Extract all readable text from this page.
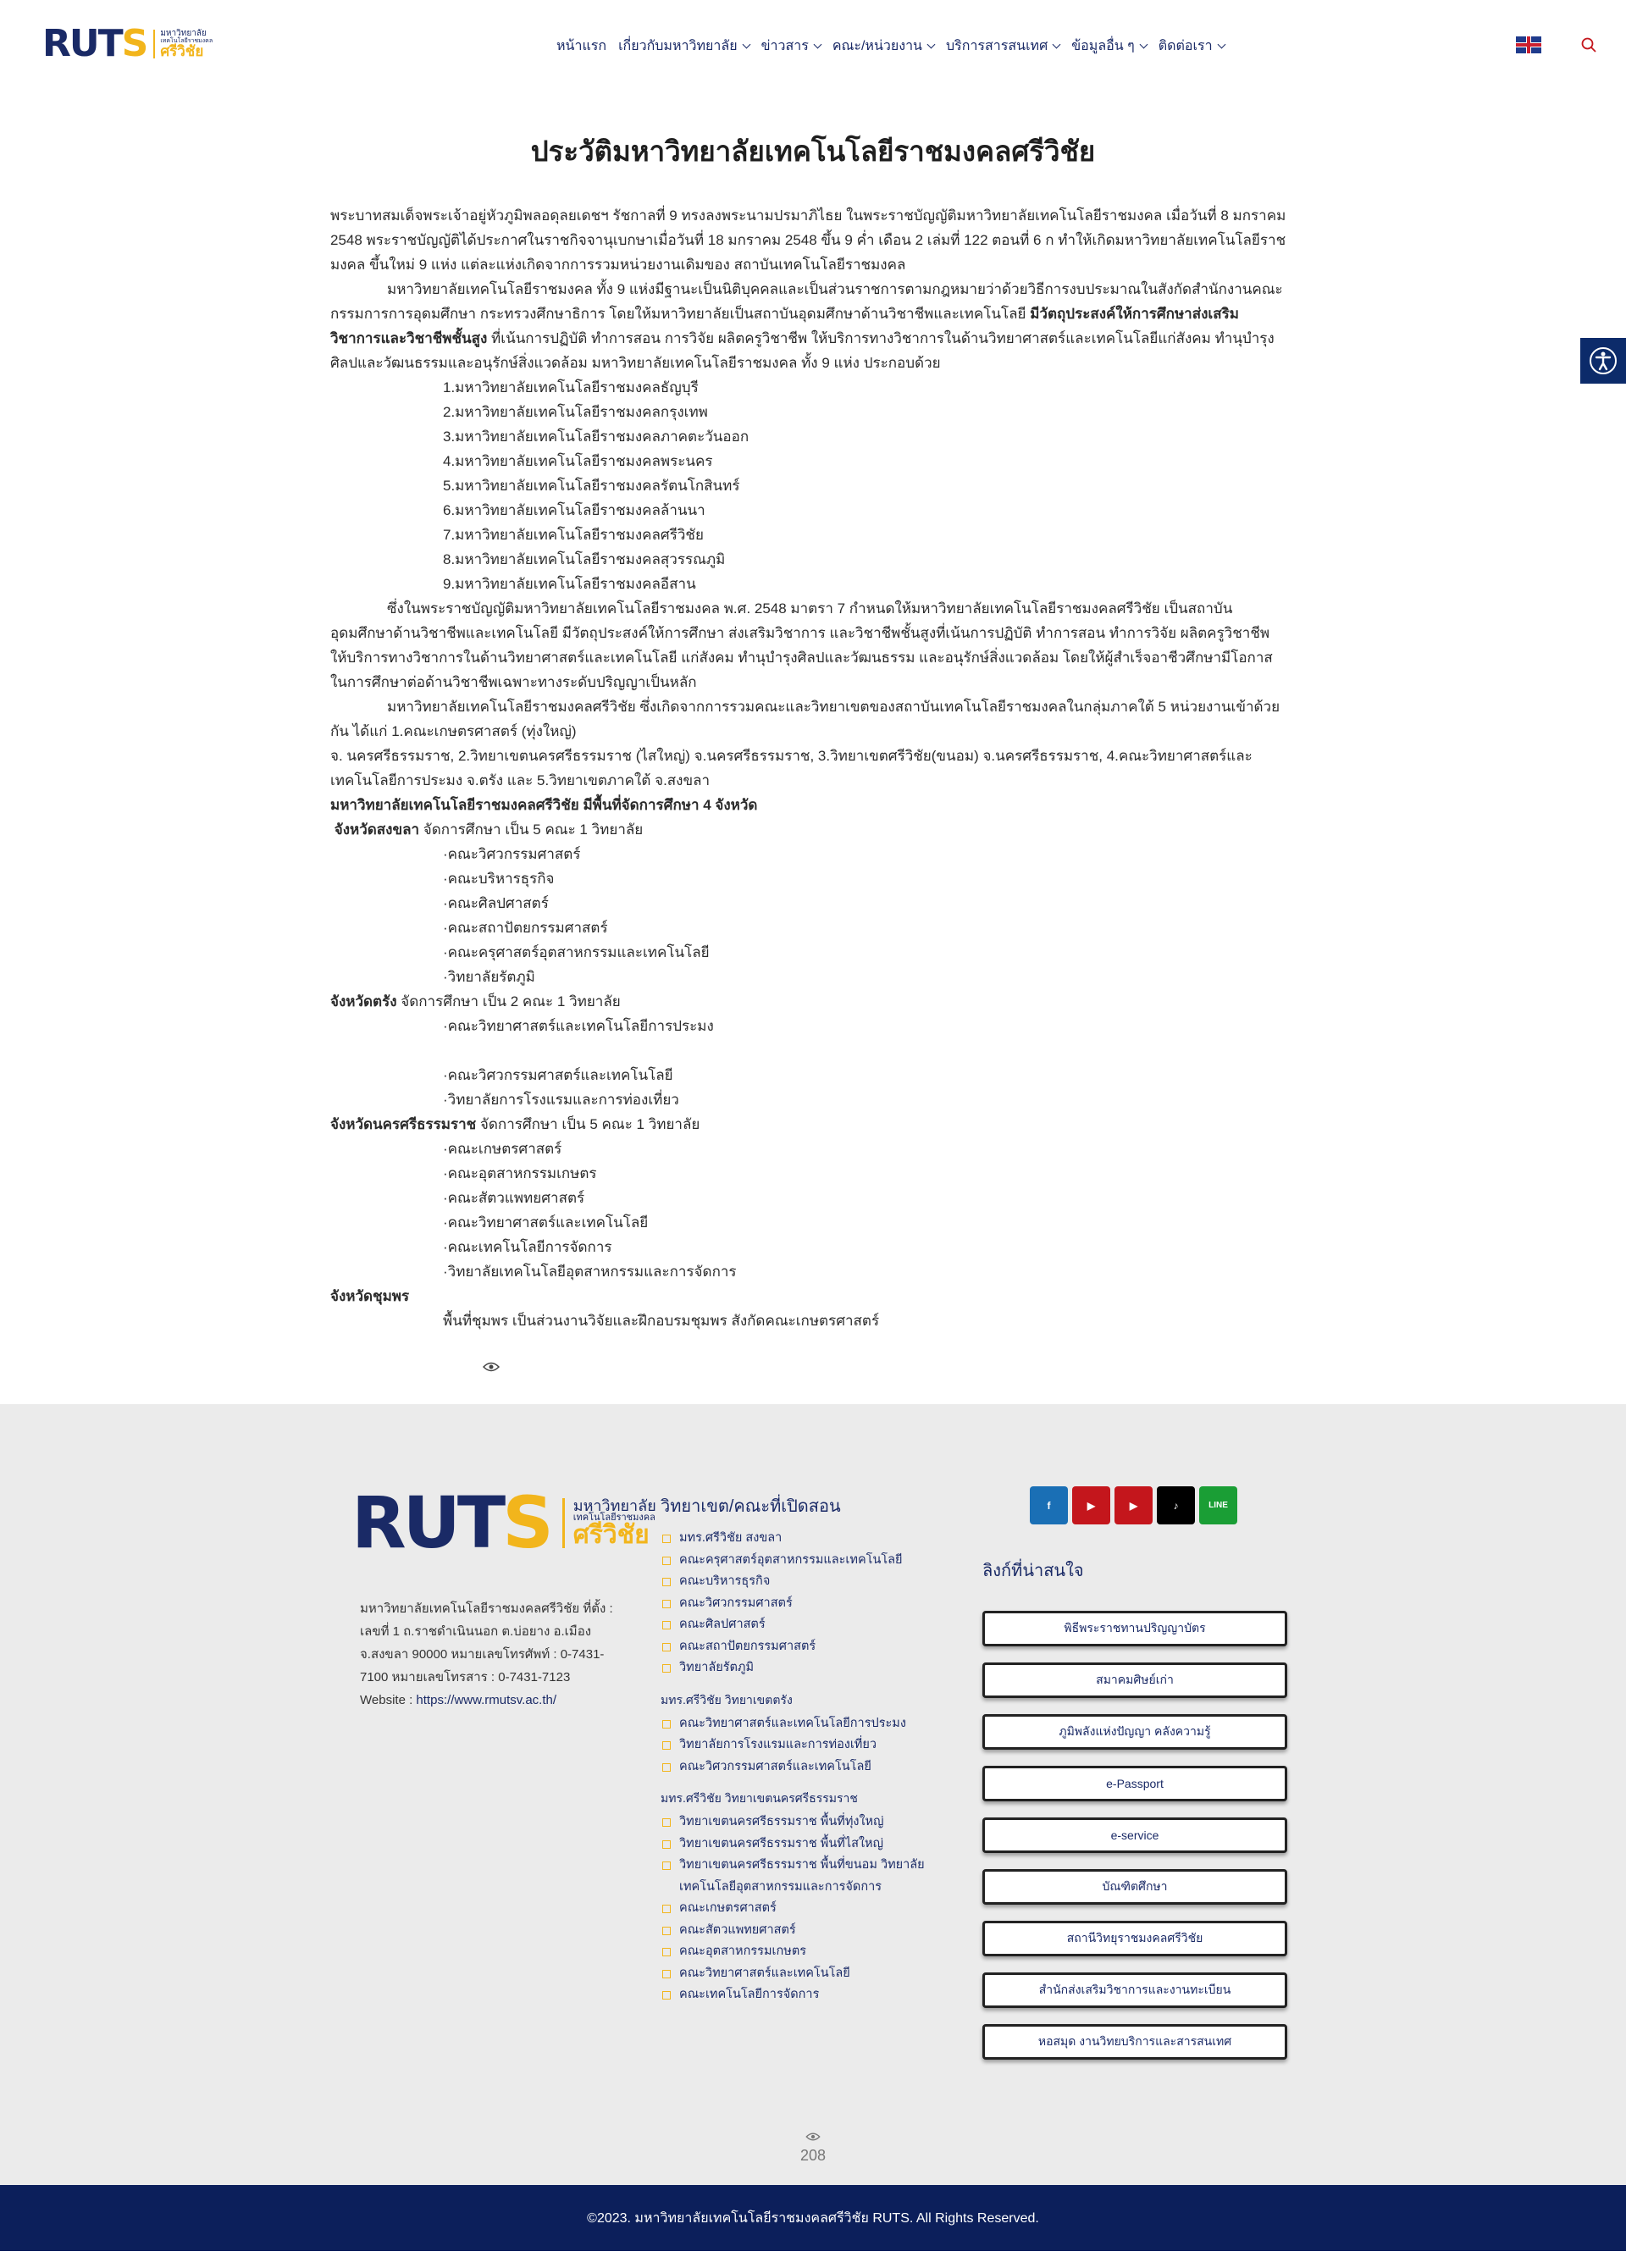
RUTS มหาวิทยาลัย
เทคโนโลยีราชมงคล
ศรีวิชัย	หน้าแรก เกี่ยวกับมหาวิทยาลัย ข่าวสาร คณะ/หน่วยงาน บริการสารสนเทศ ข้อมูลอื่น ๆ ติดต่อเรา
ประวัติมหาวิทยาลัยเทคโนโลยีราชมงคลศรีวิชัย

พระบาทสมเด็จพระเจ้าอยู่หัวภูมิพลอดุลยเดชฯ รัชกาลที่ 9 ทรงลงพระนามปรมาภิไธย ในพระราชบัญญัติมหาวิทยาลัยเทคโนโลยีราชมงคล เมื่อวันที่ 8 มกราคม 2548 พระราชบัญญัติได้ประกาศในราชกิจจานุเบกษาเมื่อวันที่ 18 มกราคม 2548 ขึ้น 9 ค่ำ เดือน 2 เล่มที่ 122 ตอนที่ 6 ก ทำให้เกิดมหาวิทยาลัยเทคโนโลยีราชมงคล ขึ้นใหม่ 9 แห่ง แต่ละแห่งเกิดจากการรวมหน่วยงานเดิมของ สถาบันเทคโนโลยีราชมงคล

มหาวิทยาลัยเทคโนโลยีราชมงคล ทั้ง 9 แห่งมีฐานะเป็นนิติบุคคลและเป็นส่วนราชการตามกฎหมายว่าด้วยวิธีการงบประมาณในสังกัดสำนักงานคณะกรรมการการอุดมศึกษา กระทรวงศึกษาธิการ โดยให้มหาวิทยาลัยเป็นสถาบันอุดมศึกษาด้านวิชาชีพและเทคโนโลยี มีวัตถุประสงค์ให้การศึกษาส่งเสริมวิชาการและวิชาชีพชั้นสูง ที่เน้นการปฏิบัติ ทำการสอน การวิจัย ผลิตครูวิชาชีพ ให้บริการทางวิชาการในด้านวิทยาศาสตร์และเทคโนโลยีแก่สังคม ทำนุบำรุงศิลปและวัฒนธรรมและอนุรักษ์สิ่งแวดล้อม มหาวิทยาลัยเทคโนโลยีราชมงคล ทั้ง 9 แห่ง ประกอบด้วย

1.มหาวิทยาลัยเทคโนโลยีราชมงคลธัญบุรี
2.มหาวิทยาลัยเทคโนโลยีราชมงคลกรุงเทพ
3.มหาวิทยาลัยเทคโนโลยีราชมงคลภาคตะวันออก
4.มหาวิทยาลัยเทคโนโลยีราชมงคลพระนคร
5.มหาวิทยาลัยเทคโนโลยีราชมงคลรัตนโกสินทร์
6.มหาวิทยาลัยเทคโนโลยีราชมงคลล้านนา
7.มหาวิทยาลัยเทคโนโลยีราชมงคลศรีวิชัย
8.มหาวิทยาลัยเทคโนโลยีราชมงคลสุวรรณภูมิ
9.มหาวิทยาลัยเทคโนโลยีราชมงคลอีสาน

ซึ่งในพระราชบัญญัติมหาวิทยาลัยเทคโนโลยีราชมงคล พ.ศ. 2548 มาตรา 7 กำหนดให้มหาวิทยาลัยเทคโนโลยีราชมงคลศรีวิชัย เป็นสถาบันอุดมศึกษาด้านวิชาชีพและเทคโนโลยี มีวัตถุประสงค์ให้การศึกษา ส่งเสริมวิชาการ และวิชาชีพชั้นสูงที่เน้นการปฏิบัติ ทำการสอน ทำการวิจัย ผลิตครูวิชาชีพ ให้บริการทางวิชาการในด้านวิทยาศาสตร์และเทคโนโลยี แก่สังคม ทำนุบำรุงศิลปและวัฒนธรรม และอนุรักษ์สิ่งแวดล้อม โดยให้ผู้สำเร็จอาชีวศึกษามีโอกาสในการศึกษาต่อด้านวิชาชีพเฉพาะทางระดับปริญญาเป็นหลัก

มหาวิทยาลัยเทคโนโลยีราชมงคลศรีวิชัย ซึ่งเกิดจากการรวมคณะและวิทยาเขตของสถาบันเทคโนโลยีราชมงคลในกลุ่มภาคใต้ 5 หน่วยงานเข้าด้วยกัน ได้แก่ 1.คณะเกษตรศาสตร์ (ทุ่งใหญ่)

จ. นครศรีธรรมราช, 2.วิทยาเขตนครศรีธรรมราช (ไสใหญ่) จ.นครศรีธรรมราช, 3.วิทยาเขตศรีวิชัย(ขนอม) จ.นครศรีธรรมราช, 4.คณะวิทยาศาสตร์และเทคโนโลยีการประมง จ.ตรัง และ 5.วิทยาเขตภาคใต้ จ.สงขลา

มหาวิทยาลัยเทคโนโลยีราชมงคลศรีวิชัย มีพื้นที่จัดการศึกษา 4 จังหวัด

จังหวัดสงขลา จัดการศึกษา เป็น 5 คณะ 1 วิทยาลัย

·คณะวิศวกรรมศาสตร์
·คณะบริหารธุรกิจ
·คณะศิลปศาสตร์
·คณะสถาปัตยกรรมศาสตร์
·คณะครุศาสตร์อุตสาหกรรมและเทคโนโลยี
·วิทยาลัยรัตภูมิ

จังหวัดตรัง จัดการศึกษา เป็น 2 คณะ 1 วิทยาลัย

·คณะวิทยาศาสตร์และเทคโนโลยีการประมง
·คณะวิศวกรรมศาสตร์และเทคโนโลยี
·วิทยาลัยการโรงแรมและการท่องเที่ยว

จังหวัดนครศรีธรรมราช จัดการศึกษา เป็น 5 คณะ 1 วิทยาลัย

·คณะเกษตรศาสตร์
·คณะอุตสาหกรรมเกษตร
·คณะสัตวแพทยศาสตร์
·คณะวิทยาศาสตร์และเทคโนโลยี
·คณะเทคโนโลยีการจัดการ
·วิทยาลัยเทคโนโลยีอุตสาหกรรมและการจัดการ

จังหวัดชุมพร

พื้นที่ชุมพร เป็นส่วนงานวิจัยและฝึกอบรมชุมพร สังกัดคณะเกษตรศาสตร์
RUTS มหาวิทยาลัย
เทคโนโลยีราชมงคล
ศรีวิชัย
มหาวิทยาลัยเทคโนโลยีราชมงคลศรีวิชัย ที่ตั้ง : เลขที่ 1 ถ.ราชดำเนินนอก ต.บ่อยาง อ.เมือง จ.สงขลา 90000 หมายเลขโทรศัพท์ : 0-7431-7100 หมายเลขโทรสาร : 0-7431-7123
Website : https://www.rmutsv.ac.th/
วิทยาเขต/คณะที่เปิดสอน
มทร.ศรีวิชัย สงขลา
คณะครุศาสตร์อุตสาหกรรมและเทคโนโลยี
คณะบริหารธุรกิจ
คณะวิศวกรรมศาสตร์
คณะศิลปศาสตร์
คณะสถาปัตยกรรมศาสตร์
วิทยาลัยรัตภูมิ
มทร.ศรีวิชัย วิทยาเขตตรัง
คณะวิทยาศาสตร์และเทคโนโลยีการประมง
วิทยาลัยการโรงแรมและการท่องเที่ยว
คณะวิศวกรรมศาสตร์และเทคโนโลยี
มทร.ศรีวิชัย วิทยาเขตนครศรีธรรมราช
วิทยาเขตนครศรีธรรมราช พื้นที่ทุ่งใหญ่
วิทยาเขตนครศรีธรรมราช พื้นที่ไสใหญ่
วิทยาเขตนครศรีธรรมราช พื้นที่ขนอม วิทยาลัยเทคโนโลยีอุตสาหกรรมและการจัดการ
คณะเกษตรศาสตร์
คณะสัตวแพทยศาสตร์
คณะอุตสาหกรรมเกษตร
คณะวิทยาศาสตร์และเทคโนโลยี
คณะเทคโนโลยีการจัดการ
f	▶	▶	♪	LINE
ลิงก์ที่น่าสนใจ
พิธีพระราชทานปริญญาบัตร
สมาคมศิษย์เก่า
ภูมิพลังแห่งปัญญา คลังความรู้
e-Passport
e-service
บัณฑิตศึกษา
สถานีวิทยุราชมงคลศรีวิชัย
สำนักส่งเสริมวิชาการและงานทะเบียน
หอสมุด งานวิทยบริการและสารสนเทศ
208
©2023. มหาวิทยาลัยเทคโนโลยีราชมงคลศรีวิชัย RUTS. All Rights Reserved.
